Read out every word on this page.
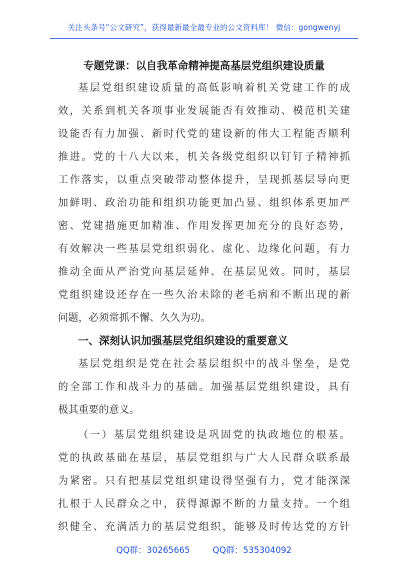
关注头条号“公文研究”，获得最新最全最专业的公文资料库！ 微信：gongwenyj
专题党课：以自我革命精神提高基层党组织建设质量
基层党组织建设质量的高低影响着机关党建工作的成
效，关系到机关各项事业发展能否有效推动、模范机关建
设能否有力加强、新时代党的建设新的伟大工程能否顺利
推进。党的十八大以来，机关各级党组织以钉钉子精神抓
工作落实，以重点突破带动整体提升，呈现抓基层导向更
加鲜明、政治功能和组织功能更加凸显、组织体系更加严
密、党建措施更加精准、作用发挥更加充分的良好态势，
有效解决一些基层党组织弱化、虚化、边缘化问题，有力
推动全面从严治党向基层延伸、在基层见效。同时，基层
党组织建设还存在一些久治未除的老毛病和不断出现的新
问题，必须常抓不懈、久久为功。
一、深刻认识加强基层党组织建设的重要意义
基层党组织是党在社会基层组织中的战斗堡垒，是党
的全部工作和战斗力的基础。加强基层党组织建设，具有
极其重要的意义。
（一）基层党组织建设是巩固党的执政地位的根基。
党的执政基础在基层，基层党组织与广大人民群众联系最
为紧密。只有把基层党组织建设得坚强有力，党才能深深
扎根于人民群众之中，获得源源不断的力量支持。一个组
织健全、充满活力的基层党组织，能够及时传达党的方针
QQ群：30265665	QQ群：535304092
